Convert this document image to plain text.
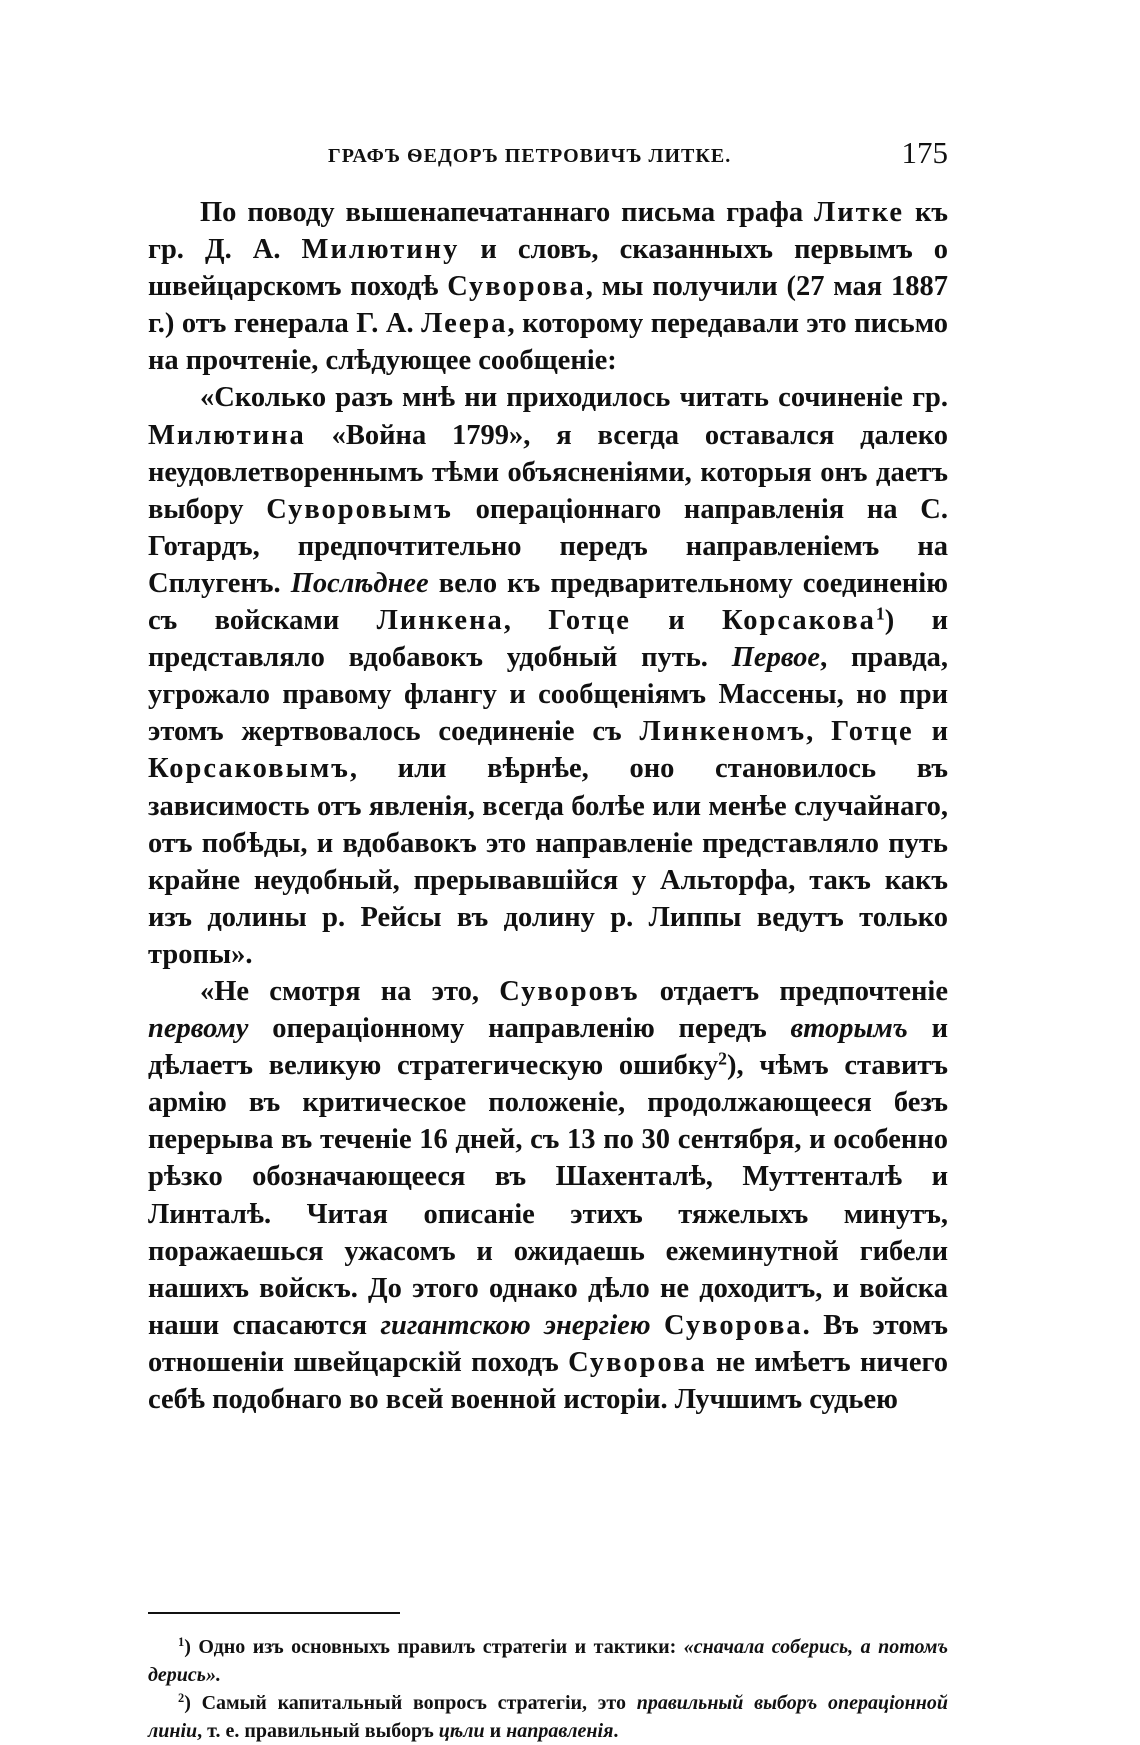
ГРАФЪ ѲЕДОРЪ ПЕТРОВИЧЪ ЛИТКЕ.	175

По поводу вышенапечатаннаго письма графа Литке къ гр. Д. А. Милютину и словъ, сказанныхъ первымъ о швейцарскомъ походѣ Суворова, мы получили (27 мая 1887 г.) отъ генерала Г. А. Леера, которому передавали это письмо на прочтеніе, слѣдующее сообщеніе:

«Сколько разъ мнѣ ни приходилось читать сочиненіе гр. Милютина «Война 1799», я всегда оставался далеко неудовлетвореннымъ тѣми объясненіями, которыя онъ даетъ выбору Суворовымъ операціоннаго направленія на С. Готардъ, предпочтительно передъ направленіемъ на Сплугенъ. Послѣднее вело къ предварительному соединенію съ войсками Линкена, Готце и Корсакова$^1$) и представляло вдобавокъ удобный путь. Первое, правда, угрожало правому флангу и сообщеніямъ Массены, но при этомъ жертвовалось соединеніе съ Линкеномъ, Готце и Корсаковымъ, или вѣрнѣе, оно становилось въ зависимость отъ явленія, всегда болѣе или менѣе случайнаго, отъ побѣды, и вдобавокъ это направленіе представляло путь крайне неудобный, прерывавшійся у Альторфа, такъ какъ изъ долины р. Рейсы въ долину р. Липпы ведутъ только тропы».

«Не смотря на это, Суворовъ отдаетъ предпочтеніе первому операціонному направленію передъ вторымъ и дѣлаетъ великую стратегическую ошибку$^2$), чѣмъ ставитъ армію въ критическое положеніе, продолжающееся безъ перерыва въ теченіе 16 дней, съ 13 по 30 сентября, и особенно рѣзко обозначающееся въ Шахенталѣ, Муттенталѣ и Линталѣ. Читая описаніе этихъ тяжелыхъ минутъ, поражаешься ужасомъ и ожидаешь ежеминутной гибели нашихъ войскъ. До этого однако дѣло не доходитъ, и войска наши спасаются гигантскою энергіею Суворова. Въ этомъ отношеніи швейцарскій походъ Суворова не имѣетъ ничего себѣ подобнаго во всей военной исторіи. Лучшимъ судьею

$^1$) Одно изъ основныхъ правилъ стратегіи и тактики: «сначала соберись, а потомъ дерись».

$^2$) Самый капитальный вопросъ стратегіи, это правильный выборъ операціонной линіи, т. е. правильный выборъ цѣли и направленія.
